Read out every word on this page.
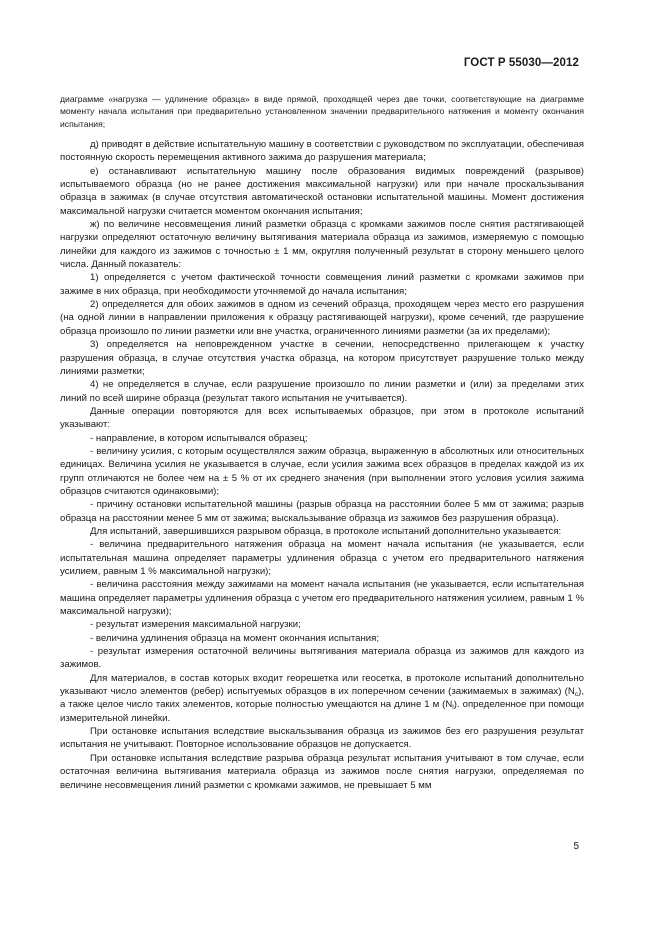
ГОСТ Р 55030—2012
диаграмме «нагрузка — удлинение образца» в виде прямой, проходящей через две точки, соответствующие на диаграмме моменту начала испытания при предварительно установленном значении предварительного натяжения и моменту окончания испытания;

д) приводят в действие испытательную машину в соответствии с руководством по эксплуатации, обеспечивая постоянную скорость перемещения активного зажима до разрушения материала;

е) останавливают испытательную машину после образования видимых повреждений (разрывов) испытываемого образца (но не ранее достижения максимальной нагрузки) или при начале проскальзывания образца в зажимах (в случае отсутствия автоматической остановки испытательной машины. Момент достижения максимальной нагрузки считается моментом окончания испытания;

ж) по величине несовмещения линий разметки образца с кромками зажимов после снятия растягивающей нагрузки определяют остаточную величину вытягивания материала образца из зажимов, измеряемую с помощью линейки для каждого из зажимов с точностью ± 1 мм, округляя полученный результат в сторону меньшего целого числа. Данный показатель:

1) определяется с учетом фактической точности совмещения линий разметки с кромками зажимов при зажиме в них образца, при необходимости уточняемой до начала испытания;

2) определяется для обоих зажимов в одном из сечений образца, проходящем через место его разрушения (на одной линии в направлении приложения к образцу растягивающей нагрузки), кроме сечений, где разрушение образца произошло по линии разметки или вне участка, ограниченного линиями разметки (за их пределами);

3) определяется на неповрежденном участке в сечении, непосредственно прилегающем к участку разрушения образца, в случае отсутствия участка образца, на котором присутствует разрушение только между линиями разметки;

4) не определяется в случае, если разрушение произошло по линии разметки и (или) за пределами этих линий по всей ширине образца (результат такого испытания не учитывается).

Данные операции повторяются для всех испытываемых образцов, при этом в протоколе испытаний указывают:

- направление, в котором испытывался образец;

- величину усилия, с которым осуществлялся зажим образца, выраженную в абсолютных или относительных единицах. Величина усилия не указывается в случае, если усилия зажима всех образцов в пределах каждой из их групп отличаются не более чем на ± 5 % от их среднего значения (при выполнении этого условия усилия зажима образцов считаются одинаковыми);

- причину остановки испытательной машины (разрыв образца на расстоянии более 5 мм от зажима; разрыв образца на расстоянии менее 5 мм от зажима; выскальзывание образца из зажимов без разрушения образца).

Для испытаний, завершившихся разрывом образца, в протоколе испытаний дополнительно указывается:

- величина предварительного натяжения образца на момент начала испытания (не указывается, если испытательная машина определяет параметры удлинения образца с учетом его предварительного натяжения усилием, равным 1 % максимальной нагрузки);

- величина расстояния между зажимами на момент начала испытания (не указывается, если испытательная машина определяет параметры удлинения образца с учетом его предварительного натяжения усилием, равным 1 % максимальной нагрузки);

- результат измерения максимальной нагрузки;

- величина удлинения образца на момент окончания испытания;

- результат измерения остаточной величины вытягивания материала образца из зажимов для каждого из зажимов.

Для материалов, в состав которых входит георешетка или геосетка, в протоколе испытаний дополнительно указывают число элементов (ребер) испытуемых образцов в их поперечном сечении (зажимаемых в зажимах) $(N_c)$, а также целое число таких элементов, которые полностью умещаются на длине 1 м $(N_l)$. определенное при помощи измерительной линейки.

При остановке испытания вследствие выскальзывания образца из зажимов без его разрушения результат испытания не учитывают. Повторное использование образцов не допускается.

При остановке испытания вследствие разрыва образца результат испытания учитывают в том случае, если остаточная величина вытягивания материала образца из зажимов после снятия нагрузки, определяемая по величине несовмещения линий разметки с кромками зажимов, не превышает 5 мм

5
